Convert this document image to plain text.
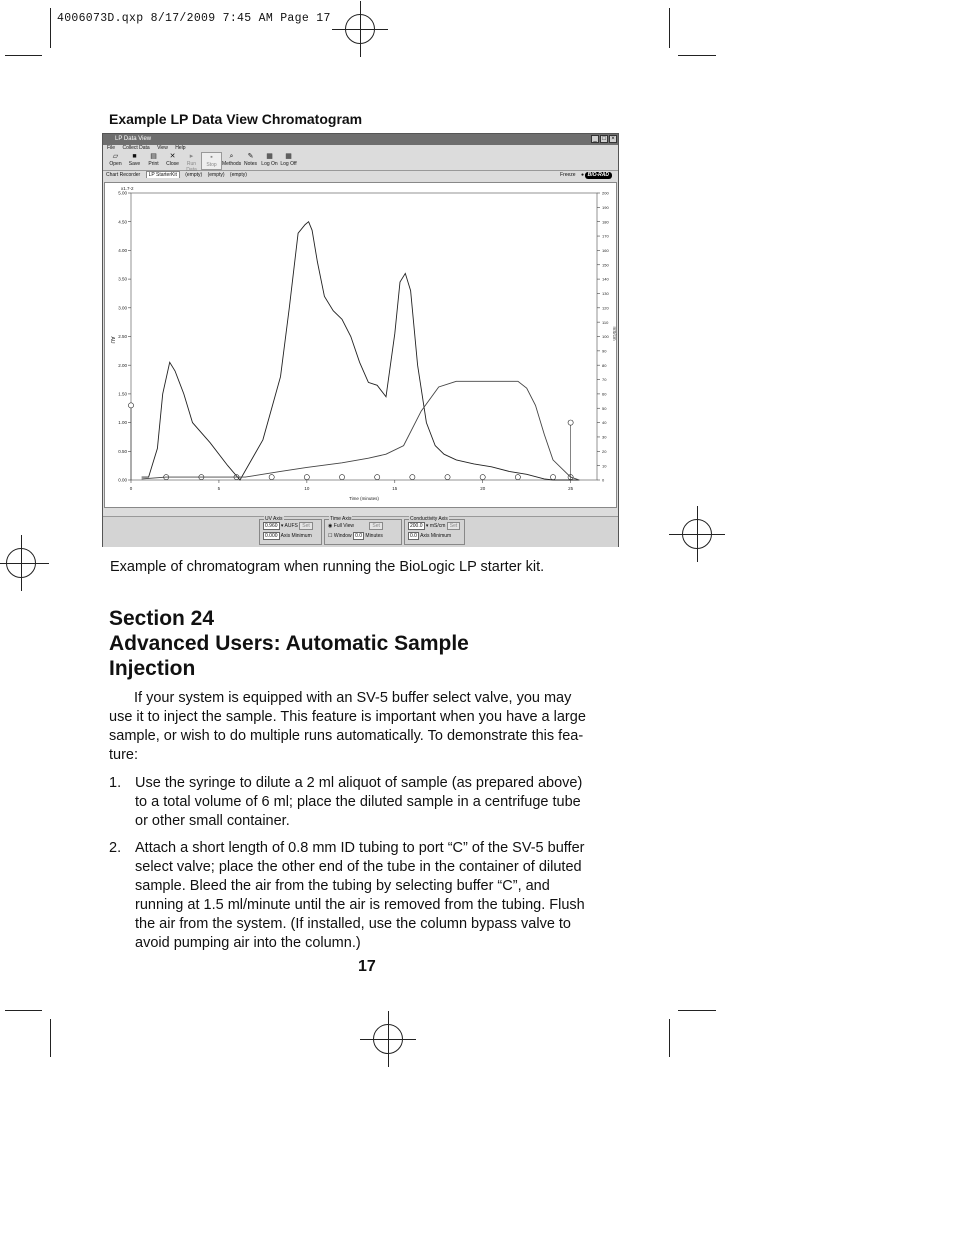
4006073D.qxp 8/17/2009 7:45 AM Page 17
Example LP Data View Chromatogram
LP Data View	_ □ ×
File Collect Data View Help
▱
Open
■
Save
▤
Print
✕
Close
▸
Run Data
▪
Stop
⌕
Methods
✎
Notes
▦
Log On
▦
Log Off
Chart Recorder LP StarterKit (empty) (empty) (empty)	Freeze ● BIO-RAD
x1.7-2
0.00
0.50
1.00
1.50
2.00
2.50
3.00
3.50
4.00
4.50
5.00
0
10
20
30
40
50
60
70
80
90
100
110
120
130
140
150
160
170
180
190
200
0	5	10	15	20	25
Time (minutes)
AU	mS/cm
UV Axis
0.960 ▾ AUFS Set
0.000 Axis Minimum
Time Axis
◉ Full View	Set
☐ Window 0.0 Minutes
Conductivity Axis
200.0 ▾ mS/cm Set
0.0 Axis Minimum
Example of chromatogram when running the BioLogic LP starter kit.
Section 24
Advanced Users: Automatic Sample
Injection
If your system is equipped with an SV-5 buffer select valve, you may
use it to inject the sample. This feature is important when you have a large
sample, or wish to do multiple runs automatically. To demonstrate this fea-
ture:
1. Use the syringe to dilute a 2 ml aliquot of sample (as prepared above)
to a total volume of 6 ml; place the diluted sample in a centrifuge tube
or other small container.
2. Attach a short length of 0.8 mm ID tubing to port “C” of the SV-5 buffer
select valve; place the other end of the tube in the container of diluted
sample. Bleed the air from the tubing by selecting buffer “C”, and
running at 1.5 ml/minute until the air is removed from the tubing. Flush
the air from the system. (If installed, use the column bypass valve to
avoid pumping air into the column.)
17
